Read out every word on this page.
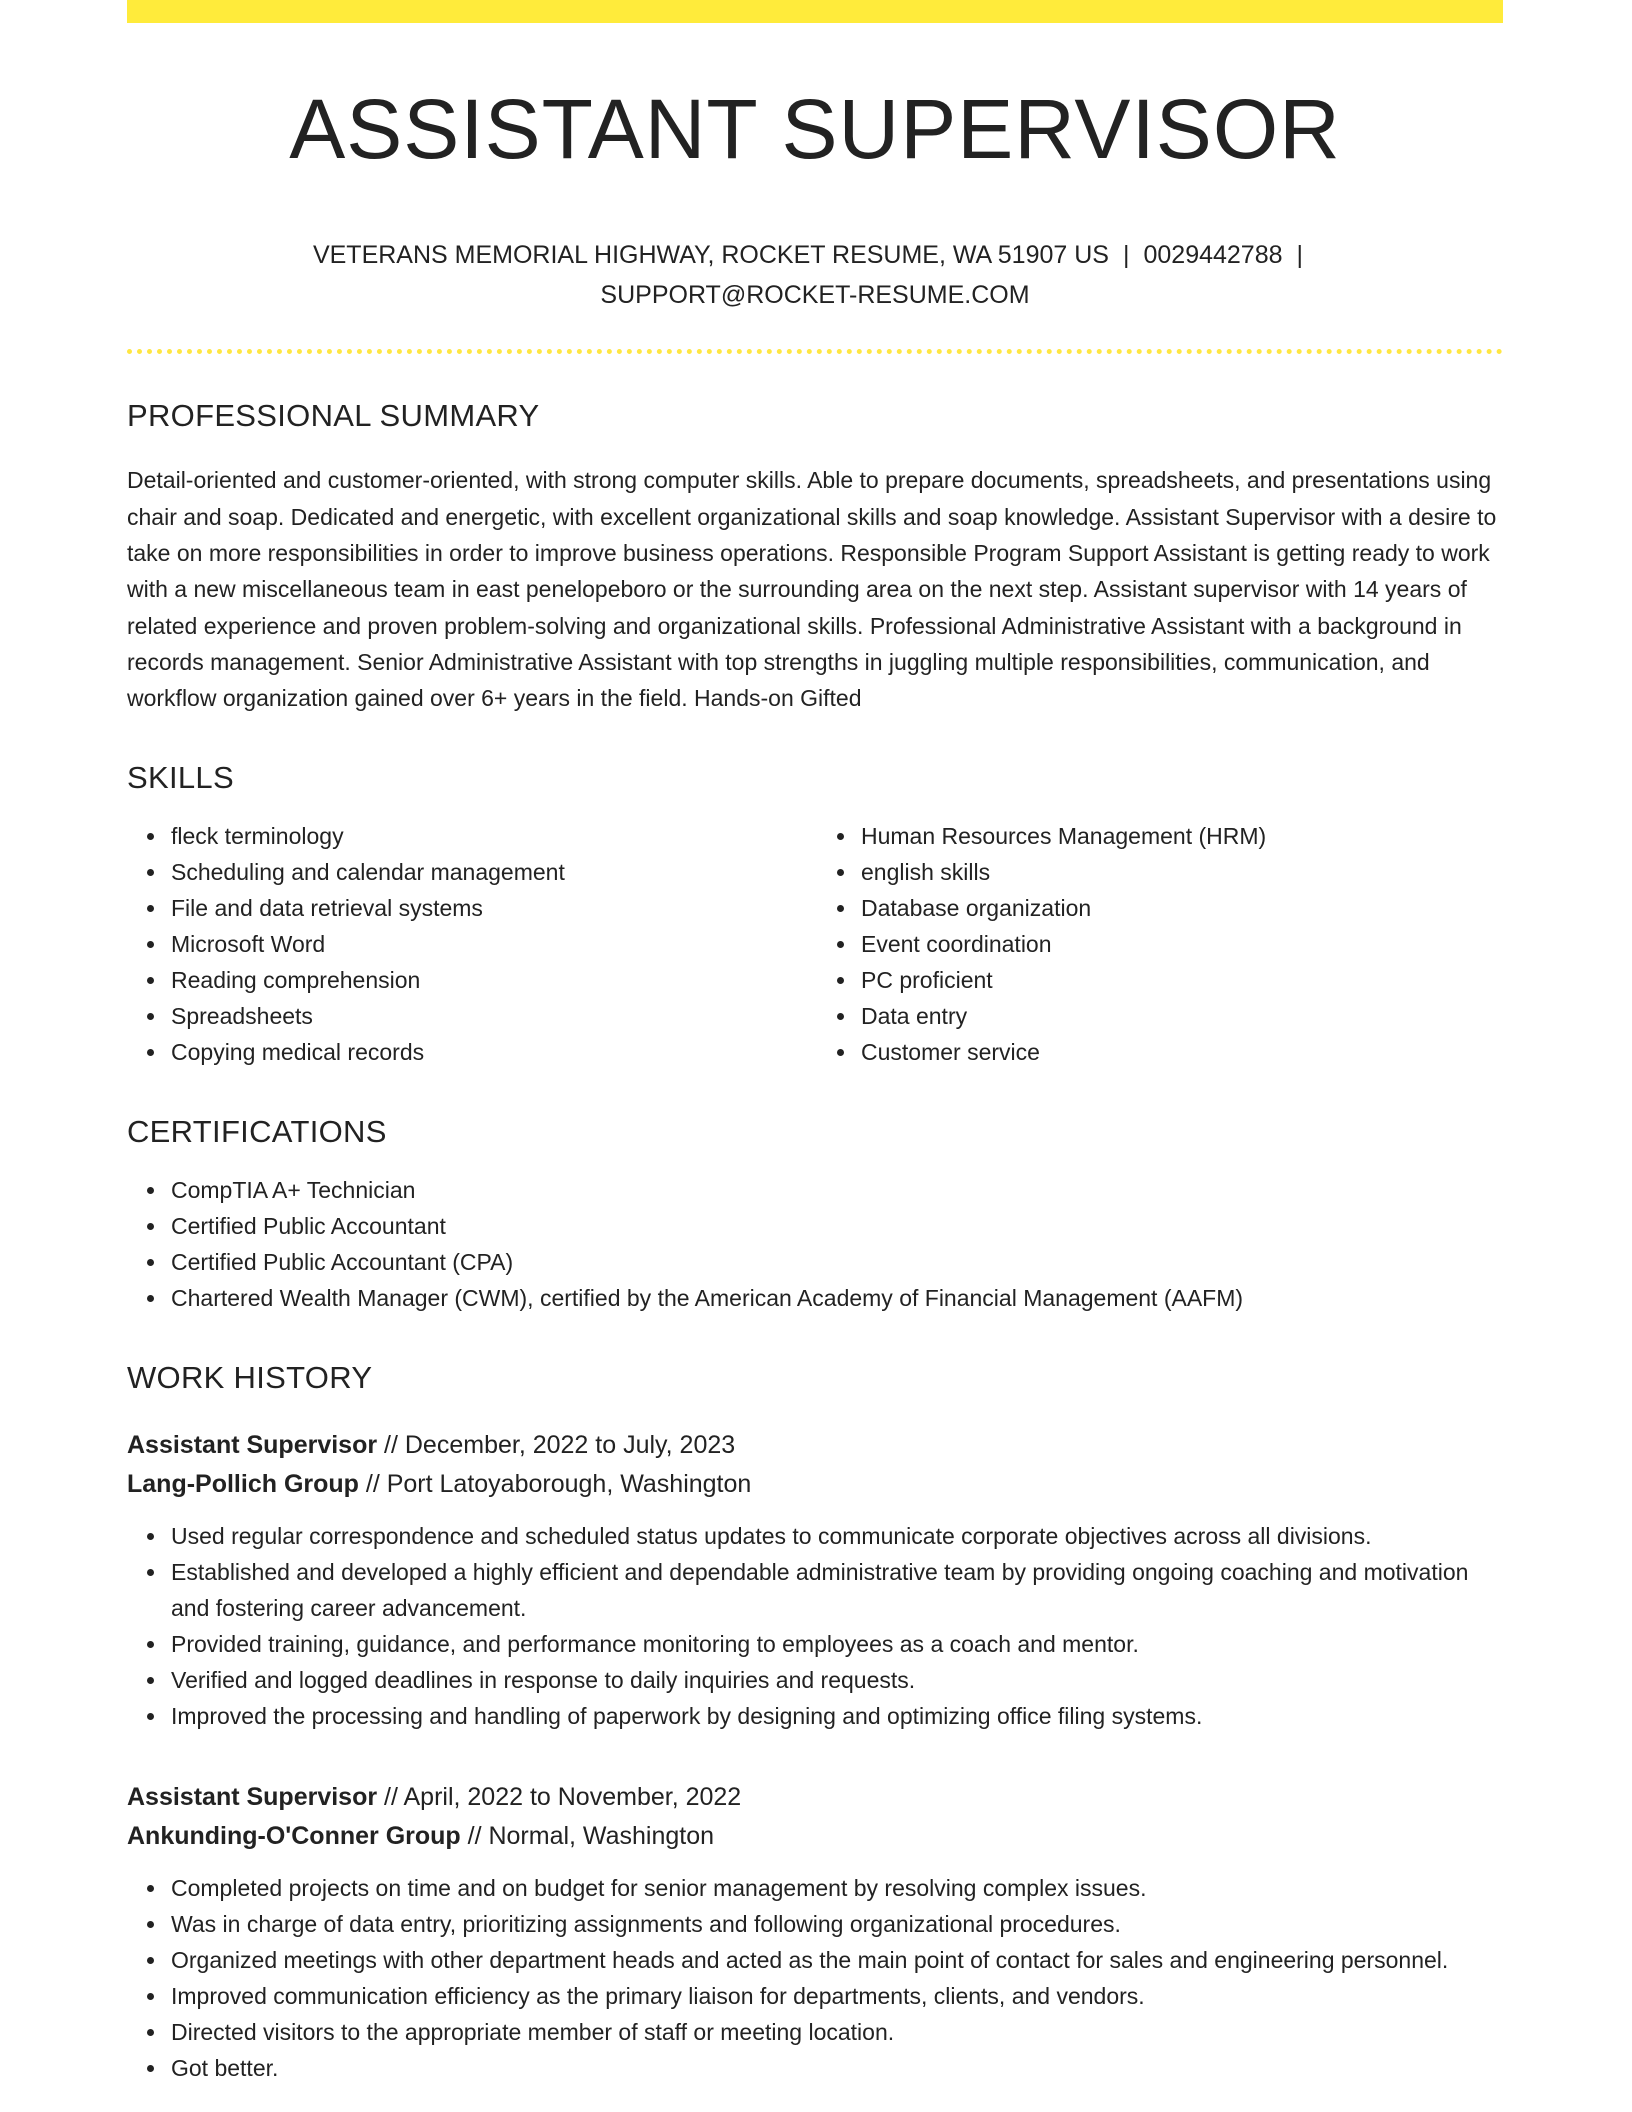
ASSISTANT SUPERVISOR
VETERANS MEMORIAL HIGHWAY, ROCKET RESUME, WA 51907 US | 0029442788 |
SUPPORT@ROCKET-RESUME.COM
PROFESSIONAL SUMMARY
Detail-oriented and customer-oriented, with strong computer skills. Able to prepare documents, spreadsheets, and presentations using chair and soap. Dedicated and energetic, with excellent organizational skills and soap knowledge. Assistant Supervisor with a desire to take on more responsibilities in order to improve business operations. Responsible Program Support Assistant is getting ready to work with a new miscellaneous team in east penelopeboro or the surrounding area on the next step. Assistant supervisor with 14 years of related experience and proven problem-solving and organizational skills. Professional Administrative Assistant with a background in records management. Senior Administrative Assistant with top strengths in juggling multiple responsibilities, communication, and workflow organization gained over 6+ years in the field. Hands-on Gifted
SKILLS
fleck terminology
Scheduling and calendar management
File and data retrieval systems
Microsoft Word
Reading comprehension
Spreadsheets
Copying medical records
Human Resources Management (HRM)
english skills
Database organization
Event coordination
PC proficient
Data entry
Customer service
CERTIFICATIONS
CompTIA A+ Technician
Certified Public Accountant
Certified Public Accountant (CPA)
Chartered Wealth Manager (CWM), certified by the American Academy of Financial Management (AAFM)
WORK HISTORY
Assistant Supervisor // December, 2022 to July, 2023
Lang-Pollich Group // Port Latoyaborough, Washington
Used regular correspondence and scheduled status updates to communicate corporate objectives across all divisions.
Established and developed a highly efficient and dependable administrative team by providing ongoing coaching and motivation and fostering career advancement.
Provided training, guidance, and performance monitoring to employees as a coach and mentor.
Verified and logged deadlines in response to daily inquiries and requests.
Improved the processing and handling of paperwork by designing and optimizing office filing systems.
Assistant Supervisor // April, 2022 to November, 2022
Ankunding-O'Conner Group // Normal, Washington
Completed projects on time and on budget for senior management by resolving complex issues.
Was in charge of data entry, prioritizing assignments and following organizational procedures.
Organized meetings with other department heads and acted as the main point of contact for sales and engineering personnel.
Improved communication efficiency as the primary liaison for departments, clients, and vendors.
Directed visitors to the appropriate member of staff or meeting location.
Got better.
